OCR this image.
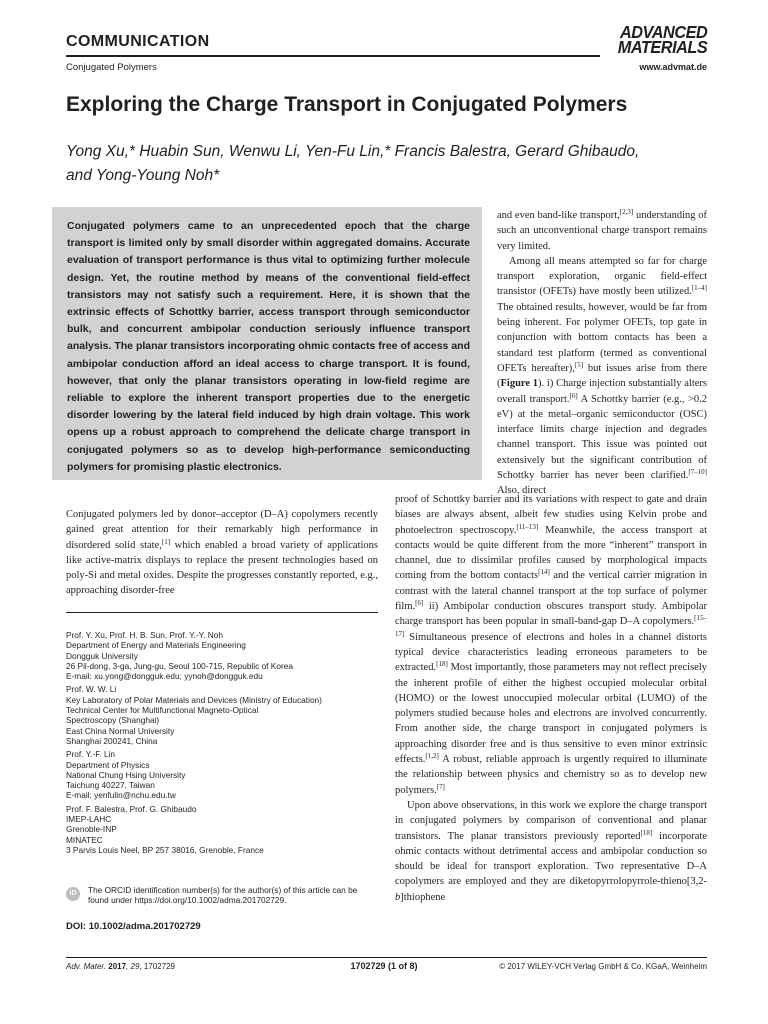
COMMUNICATION
Conjugated Polymers
ADVANCED
MATERIALS
www.advmat.de
Exploring the Charge Transport in Conjugated Polymers
Yong Xu,* Huabin Sun, Wenwu Li, Yen-Fu Lin,* Francis Balestra, Gerard Ghibaudo,
and Yong-Young Noh*
Conjugated polymers came to an unprecedented epoch that the charge transport is limited only by small disorder within aggregated domains. Accurate evaluation of transport performance is thus vital to optimizing further molecule design. Yet, the routine method by means of the conventional field-effect transistors may not satisfy such a requirement. Here, it is shown that the extrinsic effects of Schottky barrier, access transport through semiconductor bulk, and concurrent ambipolar conduction seriously influence transport analysis. The planar transistors incorporating ohmic contacts free of access and ambipolar conduction afford an ideal access to charge transport. It is found, however, that only the planar transistors operating in low-field regime are reliable to explore the inherent transport properties due to the energetic disorder lowering by the lateral field induced by high drain voltage. This work opens up a robust approach to comprehend the delicate charge transport in conjugated polymers so as to develop high-performance semiconducting polymers for promising plastic electronics.

and even band-like transport,[2,3] understanding of such an unconventional charge transport remains very limited.

Among all means attempted so far for charge transport exploration, organic field-effect transistor (OFETs) have mostly been utilized.[1–4] The obtained results, however, would be far from being inherent. For polymer OFETs, top gate in conjunction with bottom contacts has been a standard test platform (termed as conventional OFETs hereafter),[5] but issues arise from there (Figure 1). i) Charge injection substantially alters overall transport.[6] A Schottky barrier (e.g., >0.2 eV) at the metal–organic semiconductor (OSC) interface limits charge injection and degrades channel transport. This issue was pointed out extensively but the significant contribution of Schottky barrier has never been clarified.[7–10] Also, direct

Conjugated polymers led by donor–acceptor (D–A) copolymers recently gained great attention for their remarkably high performance in disordered solid state,[1] which enabled a broad variety of applications like active-matrix displays to replace the present technologies based on poly-Si and metal oxides. Despite the progresses constantly reported, e.g., approaching disorder-free

proof of Schottky barrier and its variations with respect to gate and drain biases are always absent, albeit few studies using Kelvin probe and photoelectron spectroscopy.[11–13] Meanwhile, the access transport at contacts would be quite different from the more “inherent” transport in channel, due to dissimilar profiles caused by morphological impacts coming from the bottom contacts[14] and the vertical carrier migration in contrast with the lateral channel transport at the top surface of polymer film.[6] ii) Ambipolar conduction obscures transport study. Ambipolar charge transport has been popular in small-band-gap D–A copolymers.[15–17] Simultaneous presence of electrons and holes in a channel distorts typical device characteristics leading erroneous parameters to be extracted.[18] Most importantly, those parameters may not reflect precisely the inherent profile of either the highest occupied molecular orbital (HOMO) or the lowest unoccupied molecular orbital (LUMO) of the polymers studied because holes and electrons are involved concurrently. From another side, the charge transport in conjugated polymers is approaching disorder free and is thus sensitive to even minor extrinsic effects.[1,2] A robust, reliable approach is urgently required to illuminate the relationship between physics and chemistry so as to develop new polymers.[7]

Upon above observations, in this work we explore the charge transport in conjugated polymers by comparison of conventional and planar transistors. The planar transistors previously reported[18] incorporate ohmic contacts without detrimental access and ambipolar conduction so should be ideal for transport exploration. Two representative D–A copolymers are employed and they are diketopyrrolopyrrole-thieno[3,2-b]thiophene

Prof. Y. Xu, Prof. H. B. Sun, Prof. Y.-Y. Noh
Department of Energy and Materials Engineering
Dongguk University
26 Pil-dong, 3-ga, Jung-gu, Seoul 100-715, Republic of Korea
E-mail: xu.yong@dongguk.edu; yynoh@dongguk.edu
Prof. W. W. Li
Key Laboratory of Polar Materials and Devices (Ministry of Education)
Technical Center for Multifunctional Magneto-Optical
Spectroscopy (Shanghai)
East China Normal University
Shanghai 200241, China
Prof. Y.-F. Lin
Department of Physics
National Chung Hsing University
Taichung 40227, Taiwan
E-mail: yenfulin@nchu.edu.tw
Prof. F. Balestra, Prof. G. Ghibaudo
IMEP-LAHC
Grenoble-INP
MINATEC
3 Parvis Louis Neel, BP 257 38016, Grenoble, France
iD	The ORCID identification number(s) for the author(s) of this article can be found under https://doi.org/10.1002/adma.201702729.
DOI: 10.1002/adma.201702729
Adv. Mater. 2017, 29, 1702729	1702729 (1 of 8)	© 2017 WILEY-VCH Verlag GmbH & Co. KGaA, Weinheim
